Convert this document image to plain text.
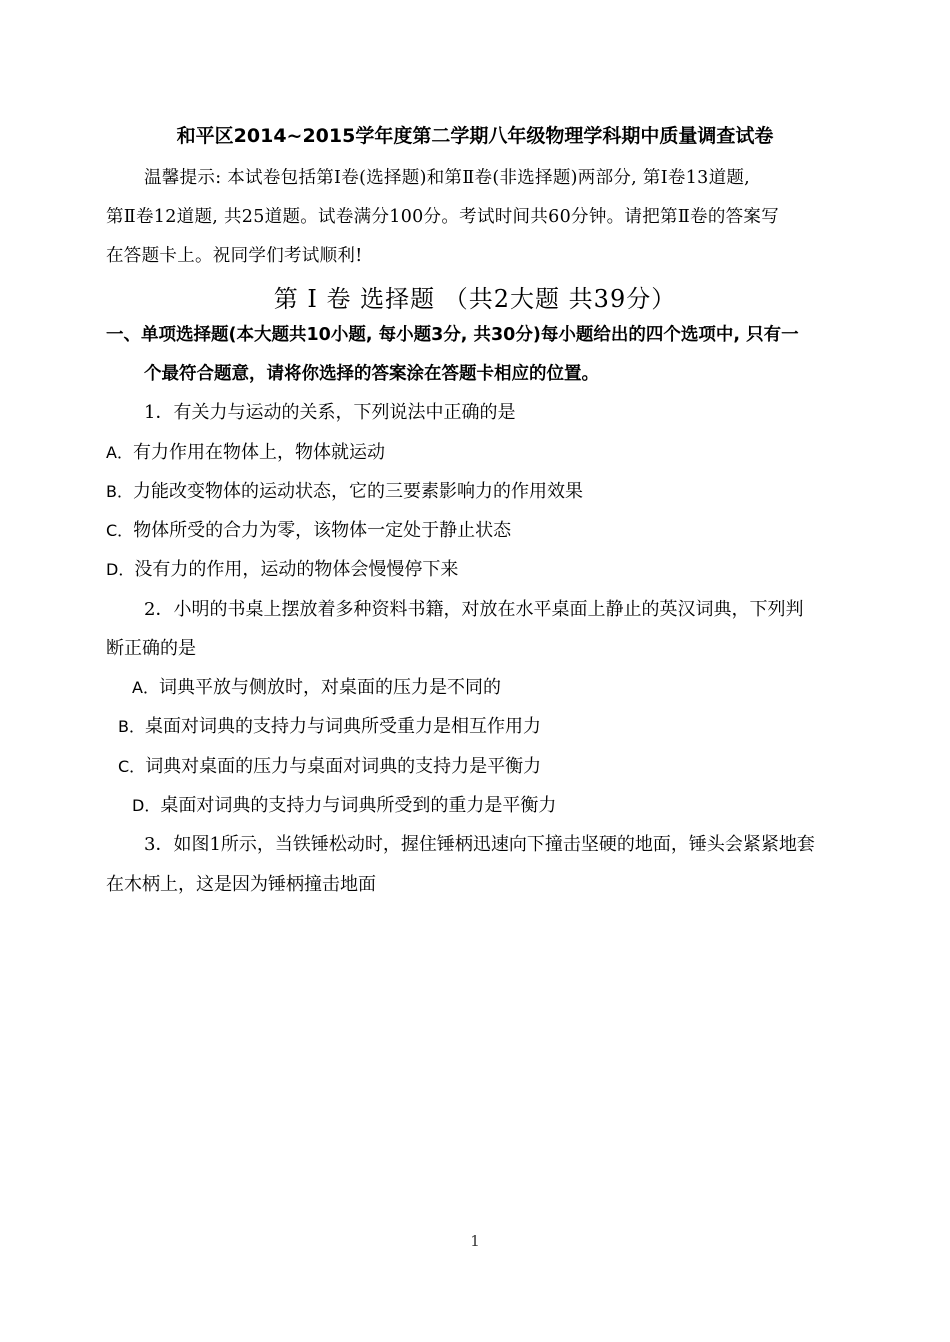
和平区2014~2015学年度第二学期八年级物理学科期中质量调查试卷
温馨提示: 本试卷包括第Ⅰ卷(选择题)和第Ⅱ卷(非选择题)两部分, 第Ⅰ卷13道题,
第Ⅱ卷12道题, 共25道题。试卷满分100分。考试时间共60分钟。请把第Ⅱ卷的答案写
在答题卡上。祝同学们考试顺利!
第 Ⅰ 卷 选择题 （共2大题 共39分）
一、单项选择题(本大题共10小题, 每小题3分, 共30分)每小题给出的四个选项中, 只有一
个最符合题意，请将你选择的答案涂在答题卡相应的位置。
1．有关力与运动的关系，下列说法中正确的是
A．有力作用在物体上，物体就运动
B．力能改变物体的运动状态，它的三要素影响力的作用效果
C．物体所受的合力为零，该物体一定处于静止状态
D．没有力的作用，运动的物体会慢慢停下来
2．小明的书桌上摆放着多种资料书籍，对放在水平桌面上静止的英汉词典，下列判
断正确的是
A．词典平放与侧放时，对桌面的压力是不同的
B．桌面对词典的支持力与词典所受重力是相互作用力
C．词典对桌面的压力与桌面对词典的支持力是平衡力
D．桌面对词典的支持力与词典所受到的重力是平衡力
3．如图1所示，当铁锤松动时，握住锤柄迅速向下撞击坚硬的地面，锤头会紧紧地套
在木柄上，这是因为锤柄撞击地面
1
